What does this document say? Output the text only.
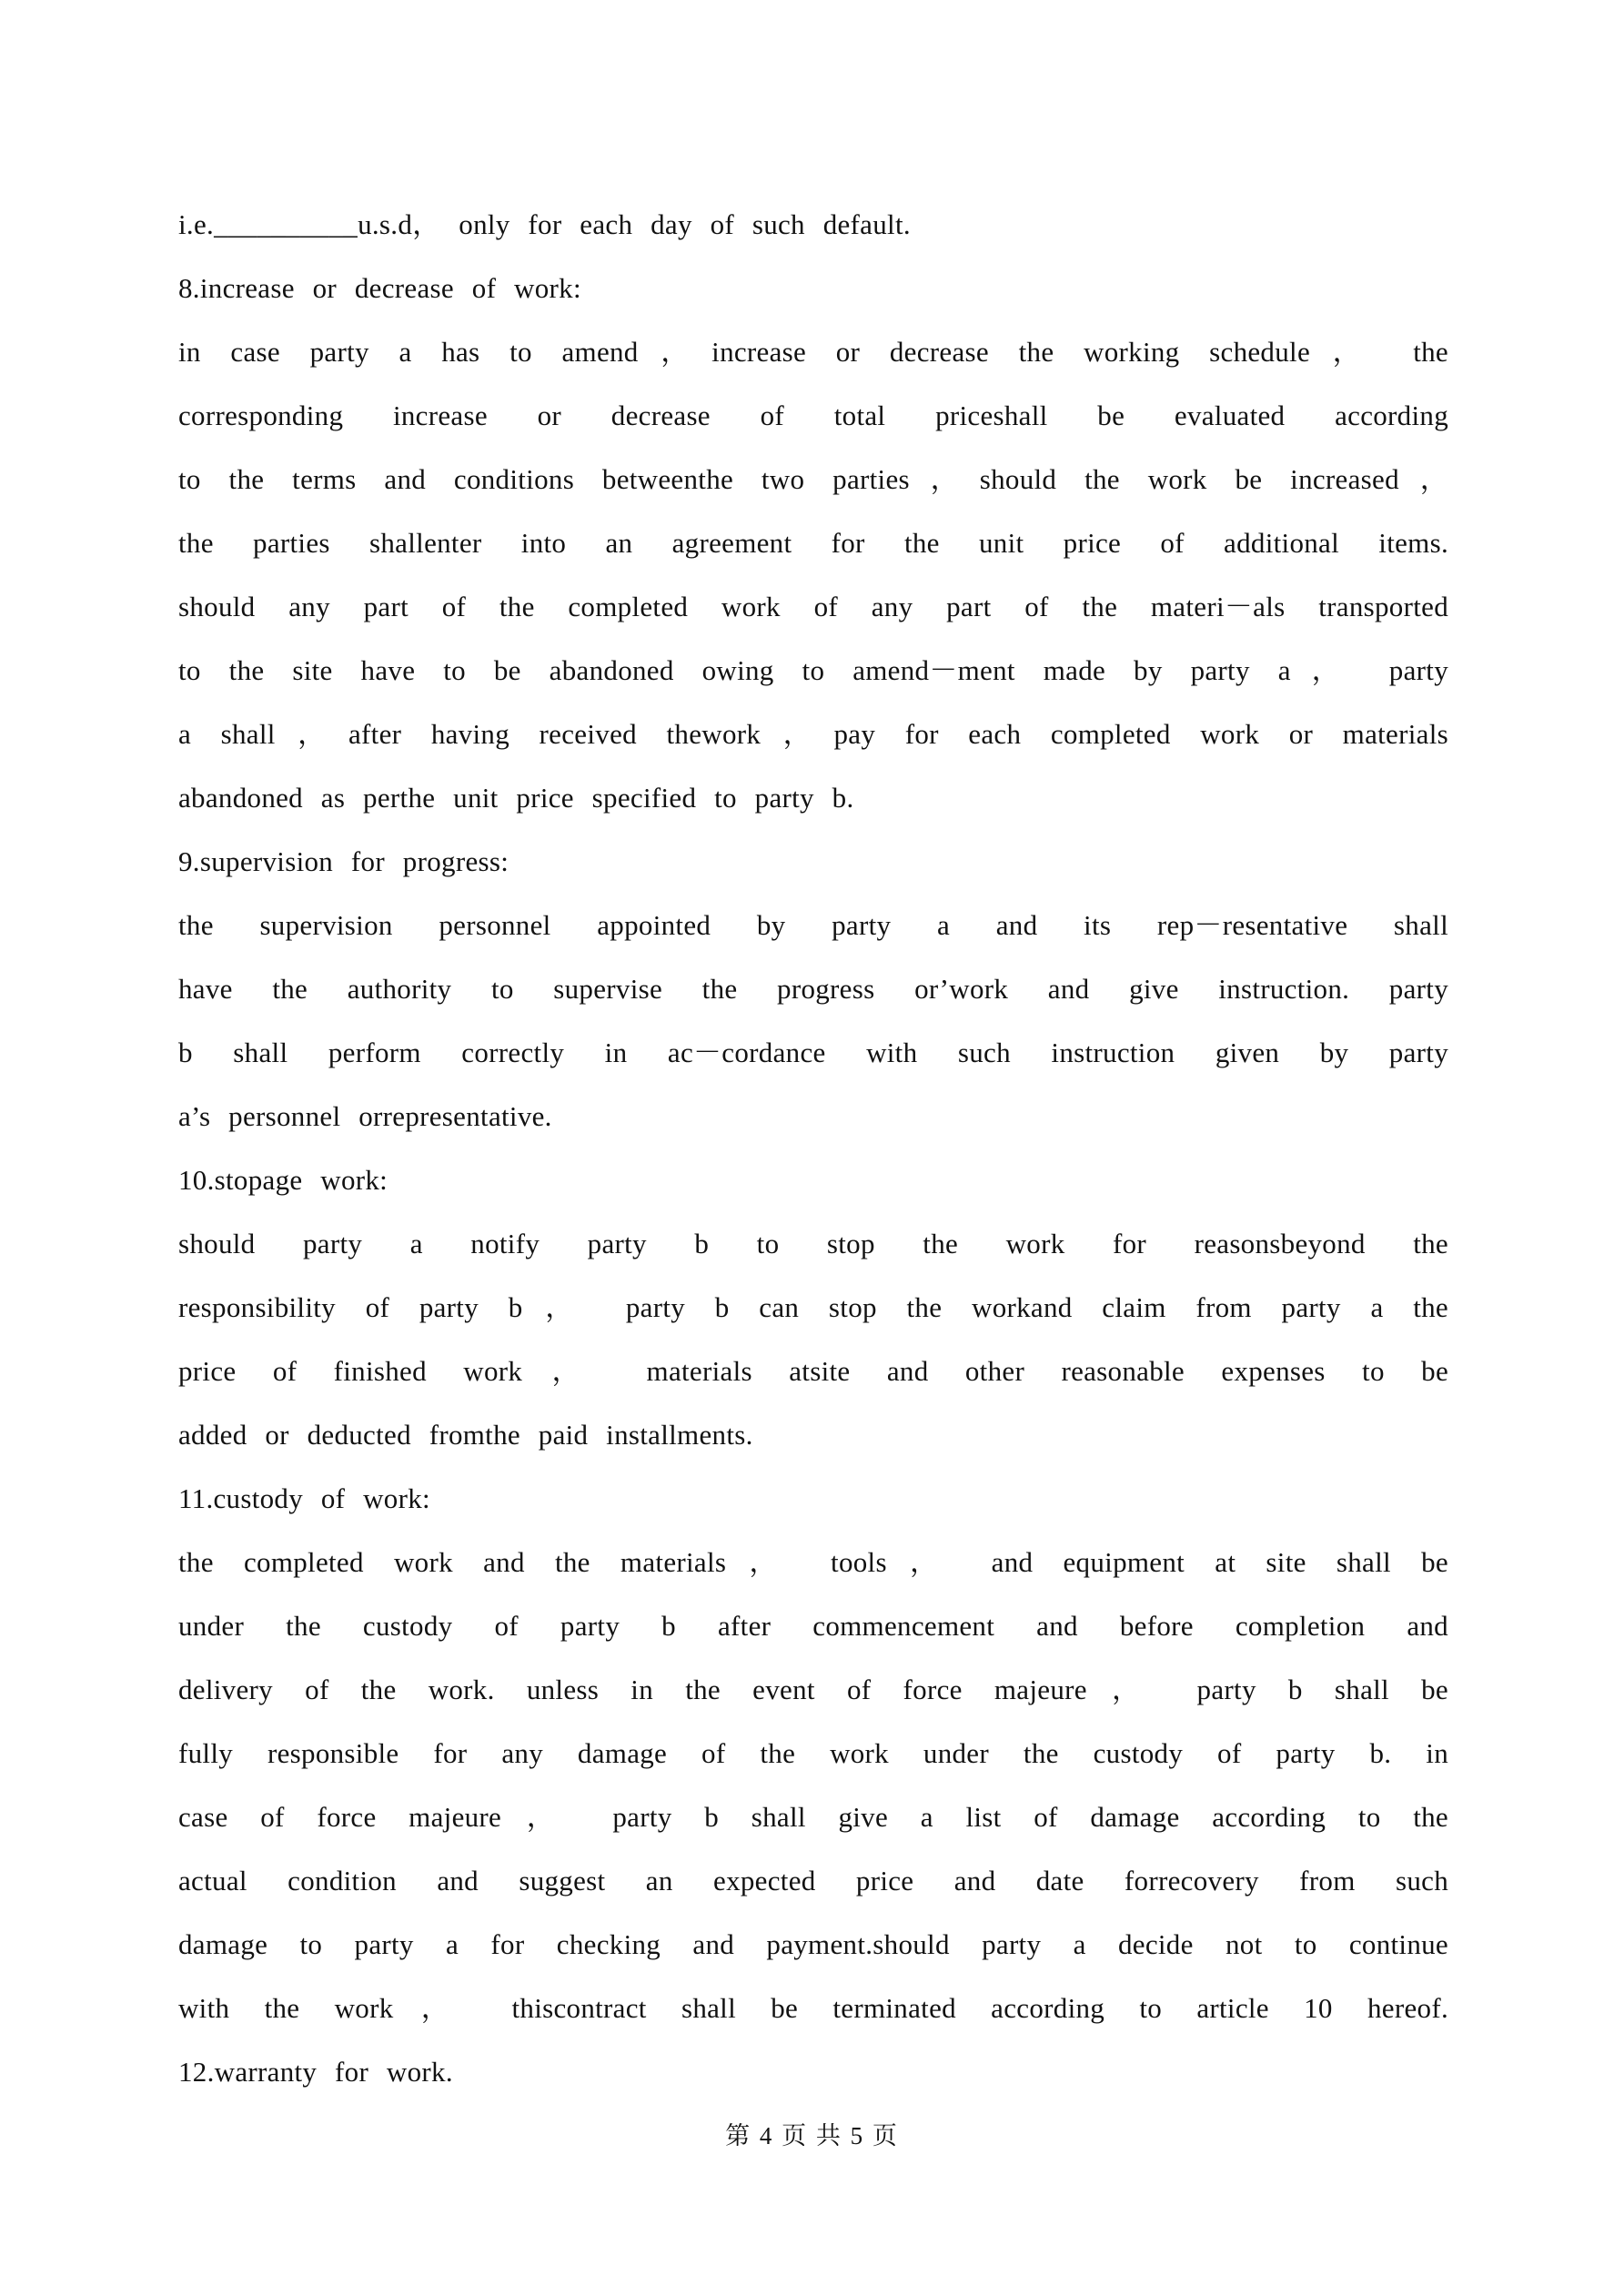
i.e.__________u.s.d， only for each day of such default.
8.increase or decrease of work:
in case party a has to amend，increase or decrease the working schedule， the
corresponding increase or decrease of total priceshall be evaluated according
to the terms and conditions betweenthe two parties，should the work be increased，
the parties shallenter into an agreement for the unit price of additional items.
should any part of the completed work of any part of the materi－als transported
to the site have to be abandoned owing to amend－ment made by party a， party
a shall，after having received thework，pay for each completed work or materials
abandoned as perthe unit price specified to party b.
9.supervision for progress:
the supervision personnel appointed by party a and its rep－resentative shall
have the authority to supervise the progress or’work and give instruction. party
b shall perform correctly in ac－cordance with such instruction given by party
a’s personnel orrepresentative.
10.stopage work:
should party a notify party b to stop the work for reasonsbeyond the
responsibility of party b， party b can stop the workand claim from party a the
price of finished work， materials atsite and other reasonable expenses to be
added or deducted fromthe paid installments.
11.custody of work:
the completed work and the materials， tools， and equipment at site shall be
under the custody of party b after commencement and before completion and
delivery of the work. unless in the event of force majeure， party b shall be
fully responsible for any damage of the work under the custody of party b. in
case of force majeure， party b shall give a list of damage according to the
actual condition and suggest an expected price and date forrecovery from such
damage to party a for checking and payment.should party a decide not to continue
with the work， thiscontract shall be terminated according to article 10 hereof.
12.warranty for work.
第 4 页 共 5 页
